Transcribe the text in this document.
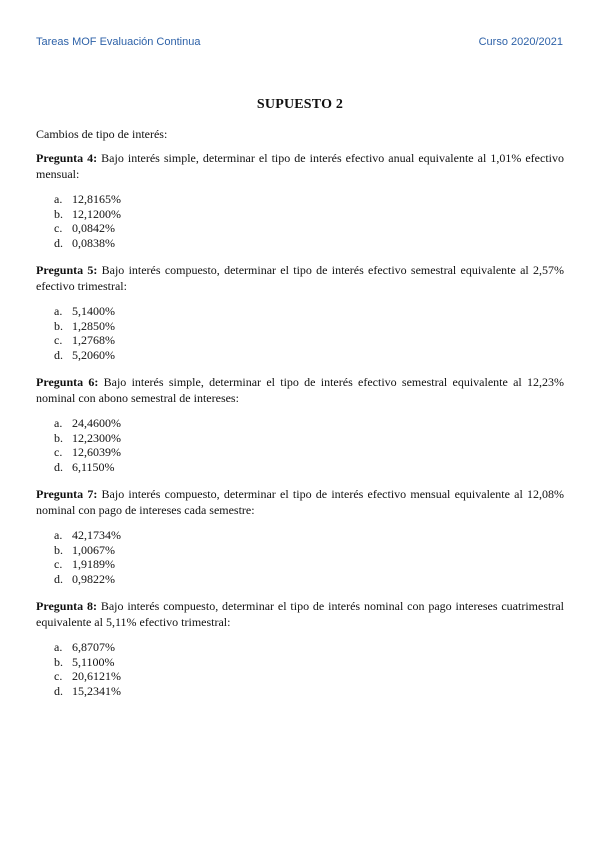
Tareas MOF Evaluación Continua	Curso 2020/2021
SUPUESTO 2
Cambios de tipo de interés:

Pregunta 4: Bajo interés simple, determinar el tipo de interés efectivo anual equivalente al 1,01% efectivo mensual:

a. 12,8165%
b. 12,1200%
c. 0,0842%
d. 0,0838%

Pregunta 5: Bajo interés compuesto, determinar el tipo de interés efectivo semestral equivalente al 2,57% efectivo trimestral:

a. 5,1400%
b. 1,2850%
c. 1,2768%
d. 5,2060%

Pregunta 6: Bajo interés simple, determinar el tipo de interés efectivo semestral equivalente al 12,23% nominal con abono semestral de intereses:

a. 24,4600%
b. 12,2300%
c. 12,6039%
d. 6,1150%

Pregunta 7: Bajo interés compuesto, determinar el tipo de interés efectivo mensual equivalente al 12,08% nominal con pago de intereses cada semestre:

a. 42,1734%
b. 1,0067%
c. 1,9189%
d. 0,9822%

Pregunta 8: Bajo interés compuesto, determinar el tipo de interés nominal con pago intereses cuatrimestral equivalente al 5,11% efectivo trimestral:

a. 6,8707%
b. 5,1100%
c. 20,6121%
d. 15,2341%
